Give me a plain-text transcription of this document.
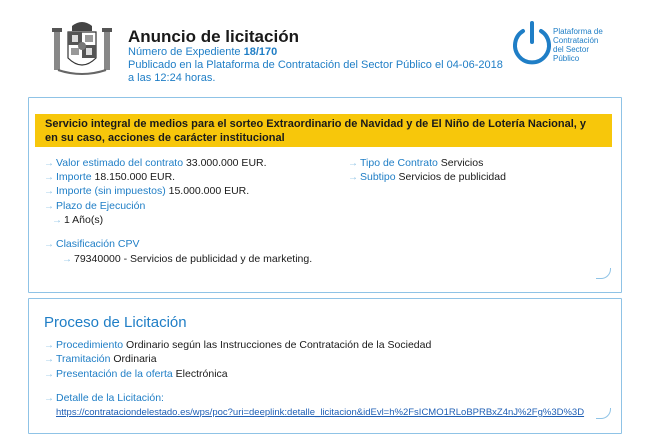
Anuncio de licitación
Número de Expediente 18/170
Publicado en la Plataforma de Contratación del Sector Público el 04-06-2018
a las 12:24 horas.
Plataforma de
Contratación
del Sector
Público
Servicio integral de medios para el sorteo Extraordinario de Navidad y de El Niño de Lotería Nacional, y
en su caso, acciones de carácter institucional
→ Valor estimado del contrato 33.000.000 EUR.
→ Importe 18.150.000 EUR.
→ Importe (sin impuestos) 15.000.000 EUR.
→ Plazo de Ejecución
→ 1 Año(s)
→ Clasificación CPV
→ 79340000 - Servicios de publicidad y de marketing.
→ Tipo de Contrato Servicios
→ Subtipo Servicios de publicidad
Proceso de Licitación
→ Procedimiento Ordinario según las Instrucciones de Contratación de la Sociedad
→ Tramitación Ordinaria
→ Presentación de la oferta Electrónica
→ Detalle de la Licitación:
https://contrataciondelestado.es/wps/poc?uri=deeplink:detalle_licitacion&idEvl=h%2FsICMO1RLoBPRBxZ4nJ%2Fg%3D%3D
